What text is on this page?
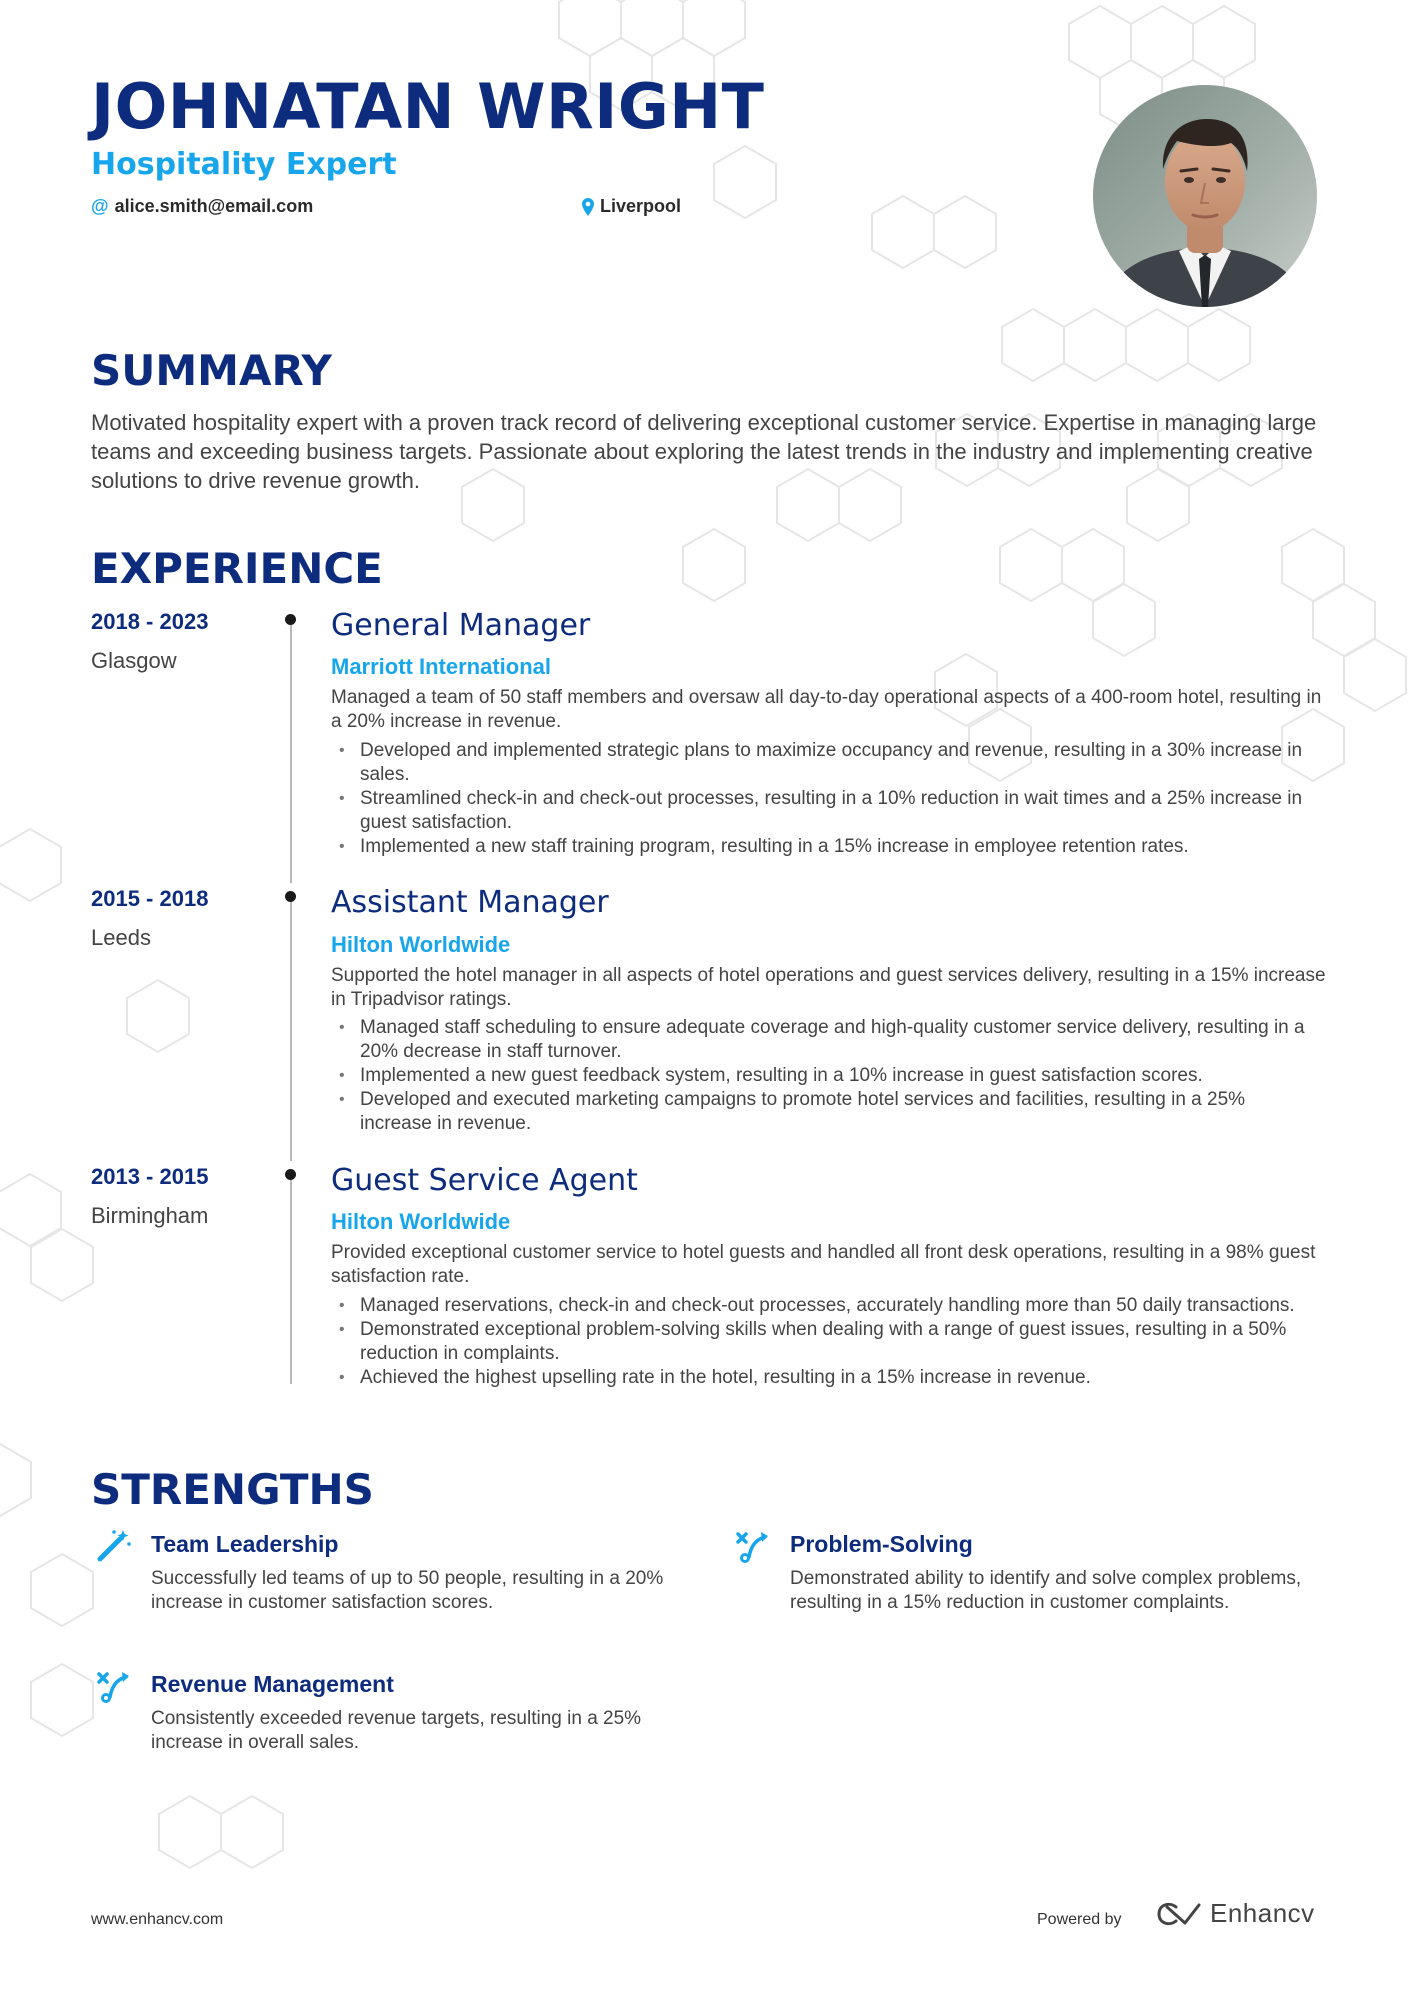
JOHNATAN WRIGHT
Hospitality Expert
@ alice.smith@email.com	Liverpool
SUMMARY

Motivated hospitality expert with a proven track record of delivering exceptional customer service. Expertise in managing large teams and exceeding business targets. Passionate about exploring the latest trends in the industry and implementing creative solutions to drive revenue growth.

EXPERIENCE
2018 - 2023
Glasgow
General Manager
Marriott International

Managed a team of 50 staff members and oversaw all day-to-day operational aspects of a 400-room hotel, resulting in a 20% increase in revenue.

• Developed and implemented strategic plans to maximize occupancy and revenue, resulting in a 30% increase in sales.
• Streamlined check-in and check-out processes, resulting in a 10% reduction in wait times and a 25% increase in guest satisfaction.
• Implemented a new staff training program, resulting in a 15% increase in employee retention rates.
2015 - 2018
Leeds
Assistant Manager
Hilton Worldwide

Supported the hotel manager in all aspects of hotel operations and guest services delivery, resulting in a 15% increase in Tripadvisor ratings.

• Managed staff scheduling to ensure adequate coverage and high-quality customer service delivery, resulting in a 20% decrease in staff turnover.
• Implemented a new guest feedback system, resulting in a 10% increase in guest satisfaction scores.
• Developed and executed marketing campaigns to promote hotel services and facilities, resulting in a 25% increase in revenue.
2013 - 2015
Birmingham
Guest Service Agent
Hilton Worldwide

Provided exceptional customer service to hotel guests and handled all front desk operations, resulting in a 98% guest satisfaction rate.

• Managed reservations, check-in and check-out processes, accurately handling more than 50 daily transactions.
• Demonstrated exceptional problem-solving skills when dealing with a range of guest issues, resulting in a 50% reduction in complaints.
• Achieved the highest upselling rate in the hotel, resulting in a 15% increase in revenue.
STRENGTHS
Team Leadership

Successfully led teams of up to 50 people, resulting in a 20% increase in customer satisfaction scores.

Problem-Solving

Demonstrated ability to identify and solve complex problems, resulting in a 15% reduction in customer complaints.

Revenue Management

Consistently exceeded revenue targets, resulting in a 25% increase in overall sales.

www.enhancv.com	Powered by	Enhancv
